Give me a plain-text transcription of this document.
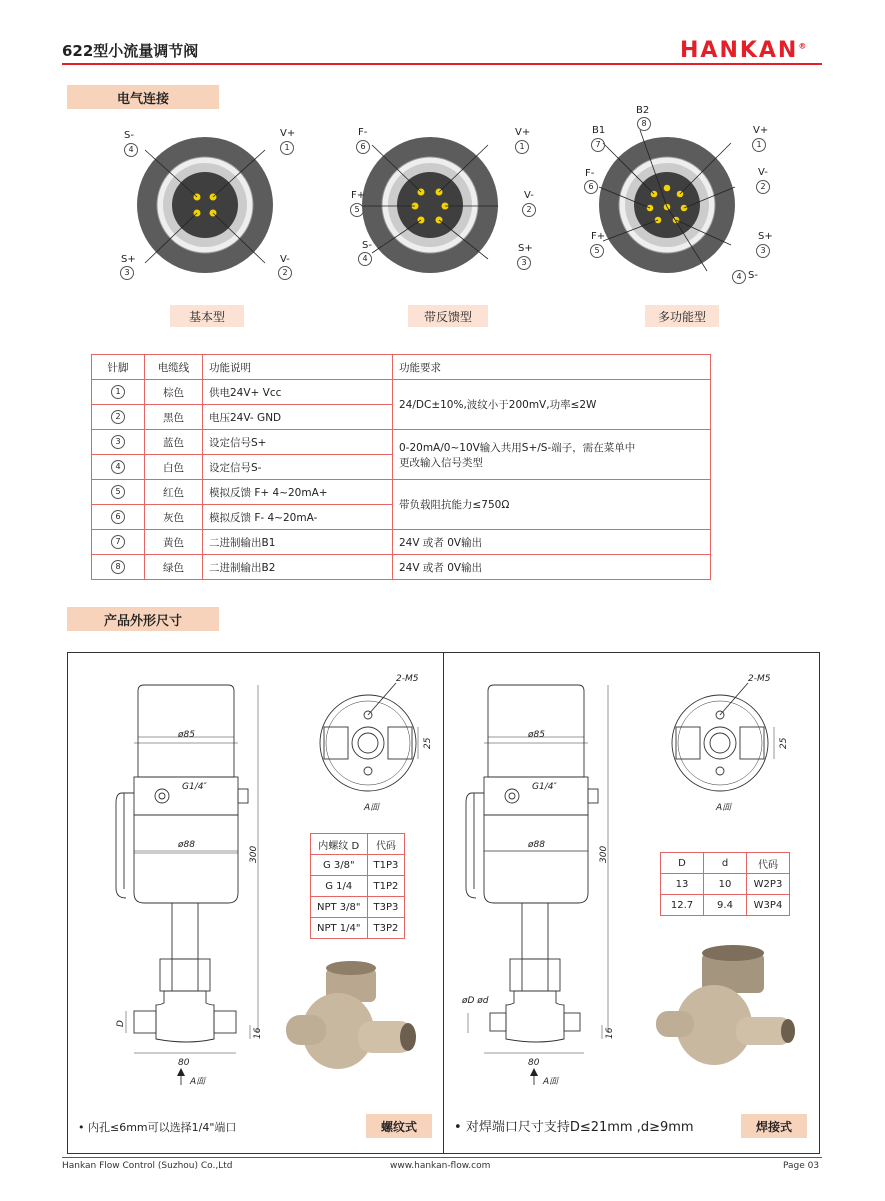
622型小流量调节阀	HANKAN®
电气连接
S-
4
V+
1
S+
3
V-
2
F-
6
V+
1
F+
5
V-
2
S-
4
S+
3
B2
8
B1
7
V+
1
F-
6
V-
2
F+
5
S+
3
4 S-
基本型	带反馈型	多功能型
针脚	电缆线	功能说明	功能要求
1	棕色	供电24V+ Vcc	24/DC±10%,波纹小于200mV,功率≤2W
2	黑色	电压24V- GND	
3	蓝色	设定信号S+	0-20mA/0~10V输入共用S+/S-端子，需在菜单中
更改输入信号类型

4	白色	设定信号S-	
5	红色	模拟反馈 F+ 4~20mA+	带负载阻抗能力≤750Ω
6	灰色	模拟反馈 F- 4~20mA-	
7	黄色	二进制输出B1	24V 或者 0V输出
8	绿色	二进制输出B2	24V 或者 0V输出
产品外形尺寸
ø85
G1/4″
ø88
300
80
D
16
2-M5
25
A面
A面
内螺纹 D	代码
G 3/8"	T1P3
G 1/4	T1P2
NPT 3/8"	T3P3
NPT 1/4"	T3P2
• 内孔≤6mm可以选择1/4"端口	螺纹式
ø85
G1/4″
ø88
300
80
øD ød
16
2-M5
25
A面
A面
D	d	代码
13	10	W2P3
12.7	9.4	W3P4
• 对焊端口尺寸支持D≤21mm ,d≥9mm	焊接式
Hankan Flow Control (Suzhou) Co.,Ltd	www.hankan-flow.com	Page 03
